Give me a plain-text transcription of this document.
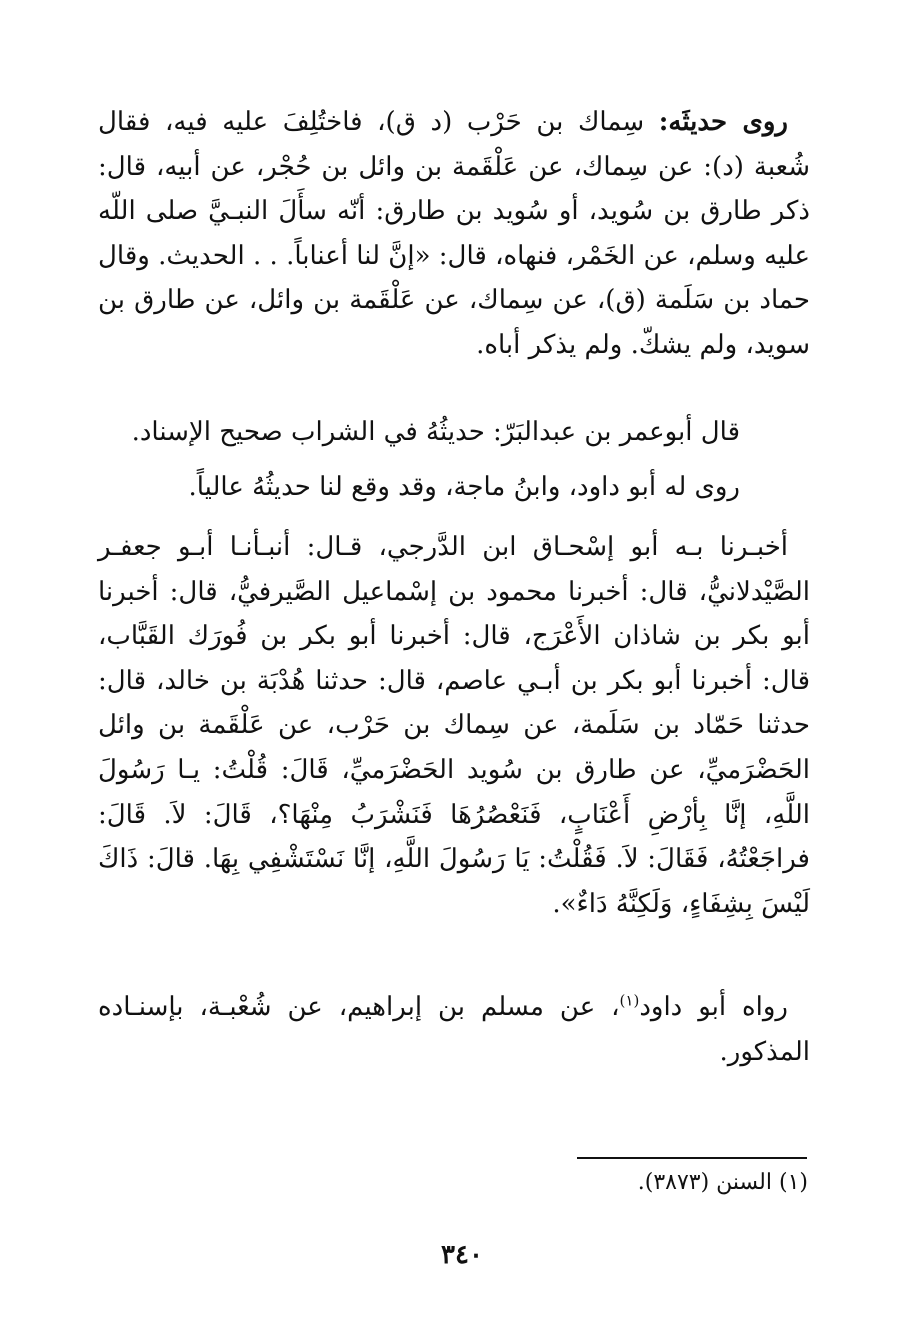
روى حديثَه: سِماك بن حَرْب (د ق)، فاختُلِفَ عليه فيه، فقال شُعبة (د): عن سِماك، عن عَلْقَمة بن وائل بن حُجْر، عن أبيه، قال: ذكر طارق بن سُويد، أو سُويد بن طارق: أنّه سأَلَ النبـيَّ صلى اللّه عليه وسلم، عن الخَمْر، فنهاه، قال: «إنَّ لنا أعناباً. . . الحديث. وقال حماد بن سَلَمة (ق)، عن سِماك، عن عَلْقَمة بن وائل، عن طارق بن سويد، ولم يشكّ. ولم يذكر أباه.

قال أبوعمر بن عبدالبَرّ: حديثُهُ في الشراب صحيح الإسناد.

روى له أبو داود، وابنُ ماجة، وقد وقع لنا حديثُهُ عالياً.

أخبـرنا بـه أبو إسْحـاق ابن الدَّرجي، قـال: أنبـأنـا أبـو جعفـر الصَّيْدلانيُّ، قال: أخبرنا محمود بن إسْماعيل الصَّيرفيُّ، قال: أخبرنا أبو بكر بن شاذان الأَعْرَج، قال: أخبرنا أبو بكر بن فُورَك القَبَّاب، قال: أخبرنا أبو بكر بن أبـي عاصم، قال: حدثنا هُدْبَة بن خالد، قال: حدثنا حَمّاد بن سَلَمة، عن سِماك بن حَرْب، عن عَلْقَمة بن وائل الحَضْرَميِّ، عن طارق بن سُويد الحَضْرَميِّ، قَالَ: قُلْتُ: يـا رَسُولَ اللَّهِ، إنَّا بِأرْضِ أَعْنَابٍ، فَنَعْصُرُهَا فَنَشْرَبُ مِنْهَا؟، قَالَ: لاَ. قَالَ: فراجَعْتُهُ، فَقَالَ: لاَ. فَقُلْتُ: يَا رَسُولَ اللَّهِ، إنَّا نَسْتَشْفِي بِهَا. قالَ: ذَاكَ لَيْسَ بِشِفَاءٍ، وَلَكِنَّهُ دَاءٌ».

رواه أبو داود$^{(١)}$، عن مسلم بن إبراهيم، عن شُعْبـة، بإسنـاده المذكور.

(١) السنن (٣٨٧٣).
٣٤٠
